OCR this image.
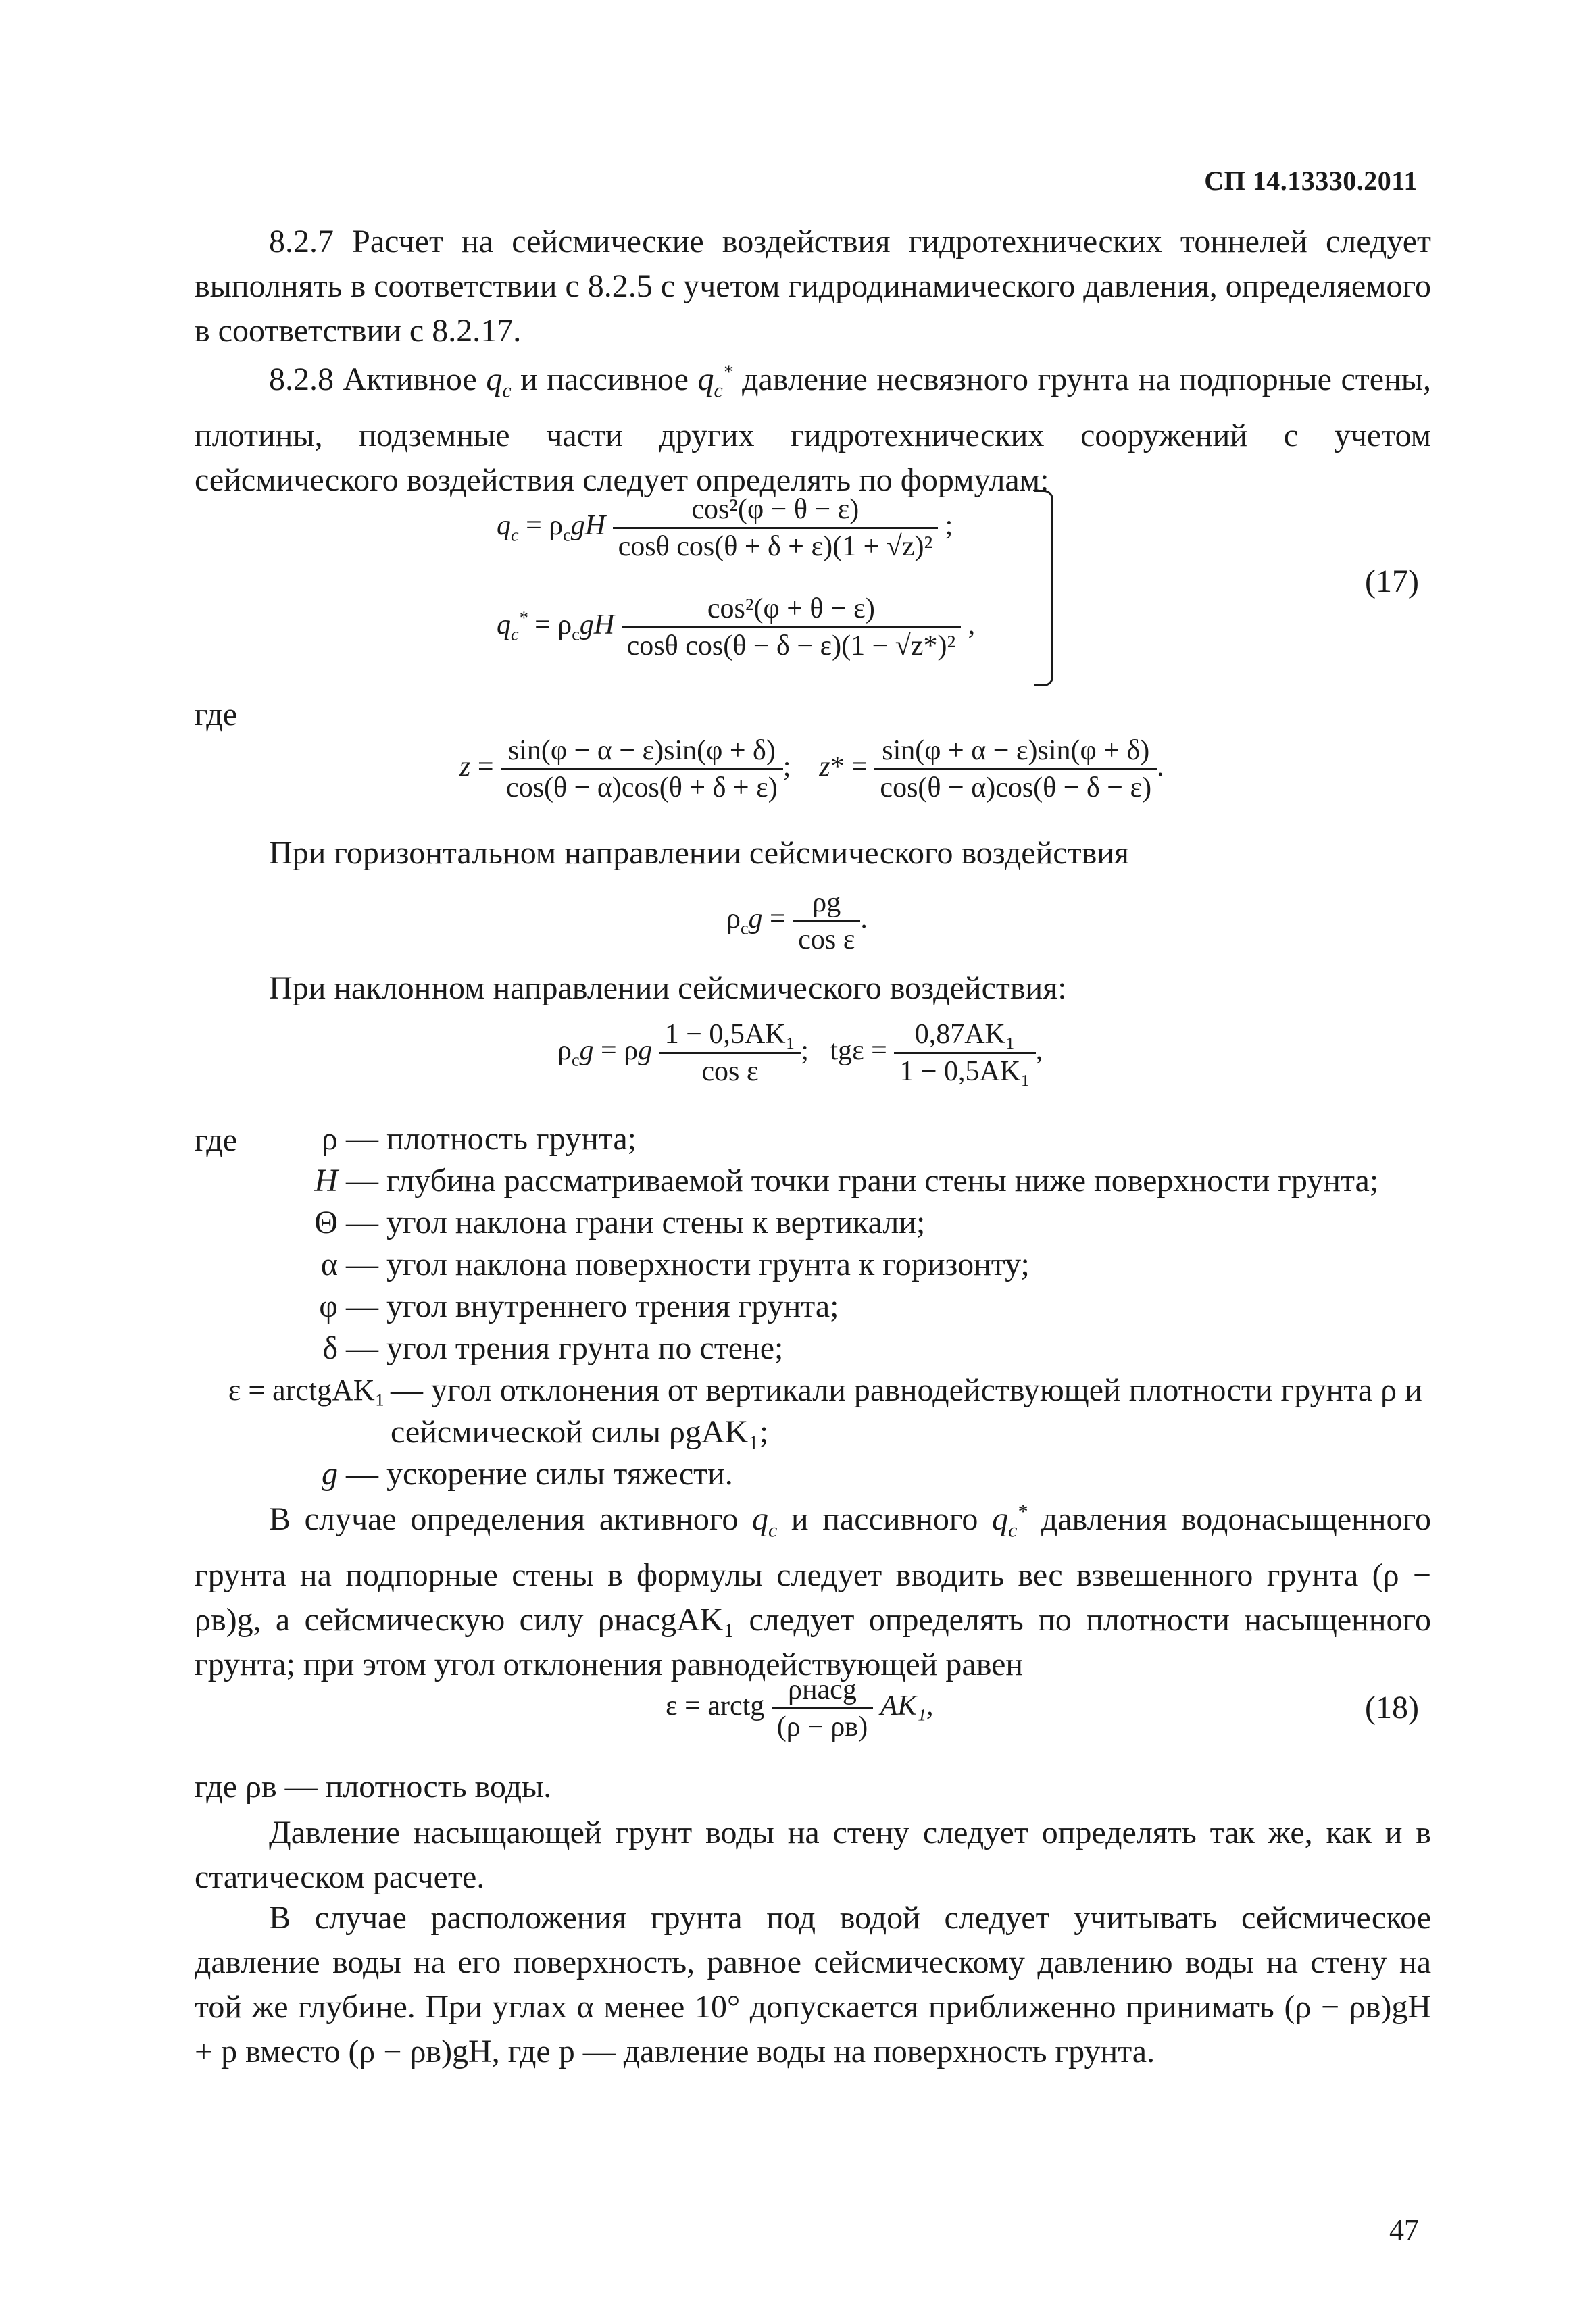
СП 14.13330.2011
8.2.7 Расчет на сейсмические воздействия гидротехнических тоннелей следует выполнять в соответствии с 8.2.5 с учетом гидродинамического давления, определяемого в соответствии с 8.2.17.
8.2.8 Активное $q_c$ и пассивное $q_c^*$ давление несвязного грунта на подпорные стены, плотины, подземные части других гидротехнических сооружений с учетом сейсмического воздействия следует определять по формулам:
$q_c = \rho_cgH \frac{\text{cos²(φ − θ − ε)}}{\text{cosθ cos(θ + δ + ε)(1 + √z)²}}$ ;
$q_c^* = \rho_cgH \frac{\text{cos²(φ + θ − ε)}}{\text{cosθ cos(θ − δ − ε)(1 − √z*)²}}$ ,
(17)
где
$z = \frac{\sin(\varphi - \alpha - \varepsilon)\sin(\varphi + \delta)}{\cos(\theta - \alpha)\cos(\theta + \delta + \varepsilon)}$ ;    $z* = \frac{\sin(\varphi + \alpha - \varepsilon)\sin(\varphi + \delta)}{\cos(\theta - \alpha)\cos(\theta - \delta - \varepsilon)}$ .
При горизонтальном направлении сейсмического воздействия
$\rho_cg = \frac{\rho g}{\text{cos ε}}$ .
При наклонном направлении сейсмического воздействия:
$\rho_cg = \rho g \frac{\text{1 − 0,5AK₁}}{\text{cos ε}}$ ;   $tg\varepsilon = \frac{\text{0,87AK₁}}{\text{1 − 0,5AK₁}}$ ,
где	ρ — плотность грунта;
H — глубина рассматриваемой точки грани стены ниже поверхности грунта;
Θ — угол наклона грани стены к вертикали;
α — угол наклона поверхности грунта к горизонту;
φ — угол внутреннего трения грунта;
δ — угол трения грунта по стене;
ε = arctgAK₁ — угол отклонения от вертикали равнодействующей плотности грунта ρ и
сейсмической силы ρgAK₁;
g — ускорение силы тяжести.
В случае определения активного $q_c$ и пассивного $q_c^*$ давления водонасыщенного грунта на подпорные стены в формулы следует вводить вес взвешенного грунта (ρ − ρв)g, а сейсмическую силу ρнасgAK₁ следует определять по плотности насыщенного грунта; при этом угол отклонения равнодействующей равен
ε = arctg $\frac{\text{ρнасg}}{(\rho - \rho в)} AK_1$,	(18)
где ρв — плотность воды.
Давление насыщающей грунт воды на стену следует определять так же, как и в статическом расчете.
В случае расположения грунта под водой следует учитывать сейсмическое давление воды на его поверхность, равное сейсмическому давлению воды на стену на той же глубине. При углах α менее 10° допускается приближенно принимать (ρ − ρв)gH + p вместо (ρ − ρв)gH, где p — давление воды на поверхность грунта.
47
